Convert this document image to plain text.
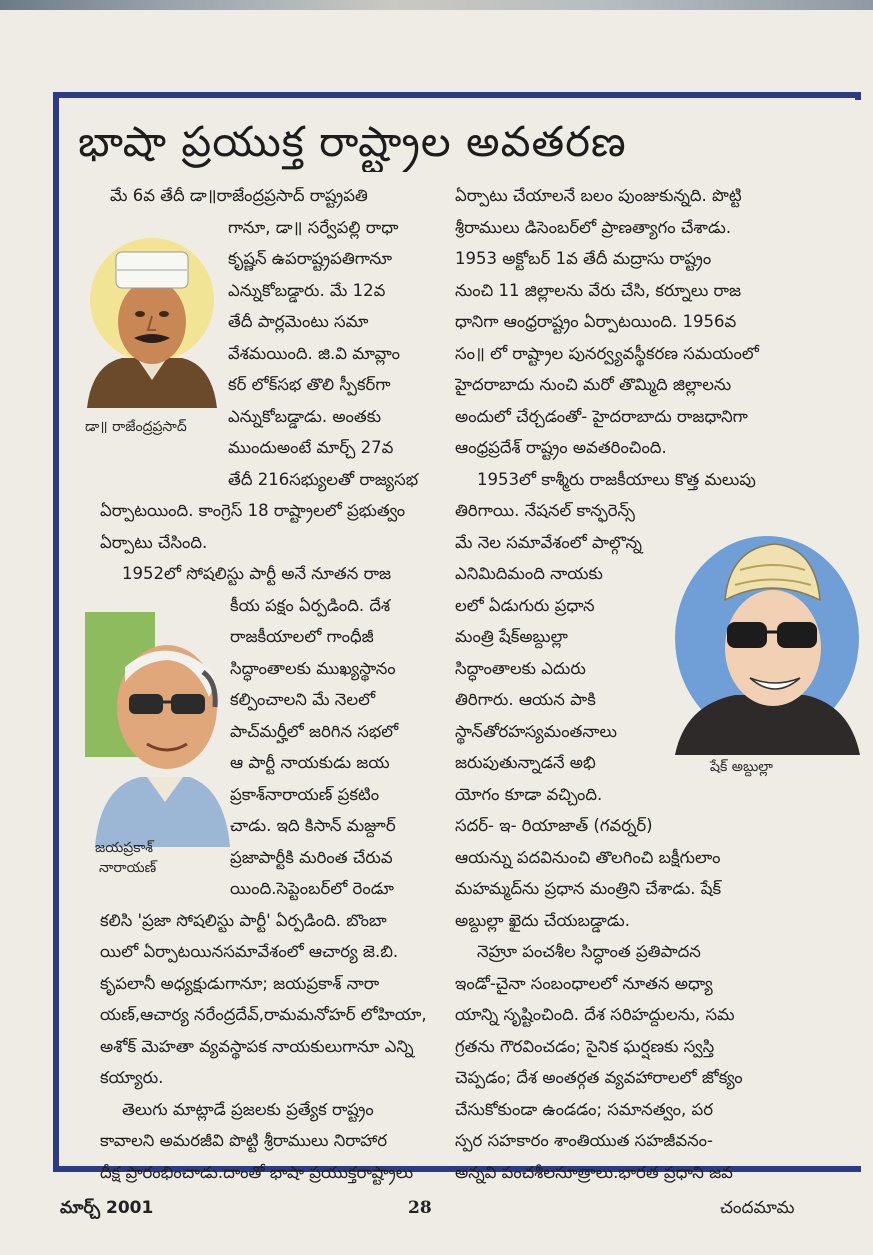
భాషా ప్రయుక్త రాష్ట్రాల అవతరణ
డా॥ రాజేంద్రప్రసాద్
జయప్రకాశ్
నారాయణ్
షేక్ అబ్దుల్లా
మే 6వ తేదీ డా॥రాజేంద్రప్రసాద్ రాష్ట్రపతి
గానూ, డా॥ సర్వేపల్లి రాధా
కృష్ణన్ ఉపరాష్ట్రపతిగానూ
ఎన్నుకోబడ్డారు. మే 12వ
తేదీ పార్లమెంటు సమా
వేశమయింది. జి.వి మావ్లాం
కర్ లోక్‌సభ తొలి స్పీకర్‌గా
ఎన్నుకోబడ్డాడు. అంతకు
ముందుఅంటే మార్చ్ 27వ
తేదీ 216సభ్యులతో రాజ్యసభ
ఏర్పాటయింది. కాంగ్రెస్ 18 రాష్ట్రాలలో ప్రభుత్వం
ఏర్పాటు చేసింది.
1952లో సోషలిస్టు పార్టీ అనే నూతన రాజ
కీయ పక్షం ఏర్పడింది. దేశ
రాజకీయాలలో గాంధీజీ
సిద్ధాంతాలకు ముఖ్యస్థానం
కల్పించాలని మే నెలలో
పాచ్‌మర్హీలో జరిగిన సభలో
ఆ పార్టీ నాయకుడు జయ
ప్రకాశ్‌నారాయణ్ ప్రకటిం
చాడు. ఇది కిసాన్ మజ్దూర్
ప్రజాపార్టీకి మరింత చేరువ
యింది.సెప్టెంబర్‌లో రెండూ
కలిసి 'ప్రజా సోషలిస్టు పార్టీ' ఏర్పడింది. బొంబా
యిలో ఏర్పాటయినసమావేశంలో ఆచార్య జె.బి.
కృపలానీ అధ్యక్షుడుగానూ; జయప్రకాశ్ నారా
యణ్,ఆచార్య నరేంద్రదేవ్,రామమనోహర్ లోహియా,
అశోక్ మెహతా వ్యవస్థాపక నాయకులుగానూ ఎన్ని
కయ్యారు.
తెలుగు మాట్లాడే ప్రజలకు ప్రత్యేక రాష్ట్రం
కావాలని అమరజీవి పొట్టి శ్రీరాములు నిరాహార
దీక్ష ప్రారంభించాడు.దాంతో భాషా ప్రయుక్తరాష్ట్రాలు
ఏర్పాటు చేయాలనే బలం పుంజుకున్నది. పొట్టి
శ్రీరాములు డిసెంబర్‌లో ప్రాణత్యాగం చేశాడు.
1953 అక్టోబర్ 1వ తేదీ మద్రాసు రాష్ట్రం
నుంచి 11 జిల్లాలను వేరు చేసి, కర్నూలు రాజ
ధానిగా ఆంధ్రరాష్ట్రం ఏర్పాటయింది. 1956వ
సం॥ లో రాష్ట్రాల పునర్వ్యవస్థీకరణ సమయంలో
హైదరాబాదు నుంచి మరో తొమ్మిది జిల్లాలను
అందులో చేర్చడంతో- హైదరాబాదు రాజధానిగా
ఆంధ్రప్రదేశ్ రాష్ట్రం అవతరించింది.
1953లో కాశ్మీరు రాజకీయాలు కొత్త మలుపు
తిరిగాయి. నేషనల్ కాన్ఫరెన్స్
మే నెల సమావేశంలో పాల్గొన్న
ఎనిమిదిమంది నాయకు
లలో ఏడుగురు ప్రధాన
మంత్రి షేక్‌అబ్దుల్లా
సిద్ధాంతాలకు ఎదురు
తిరిగారు. ఆయన పాకి
స్థాన్‌తోరహస్యమంతనాలు
జరుపుతున్నాడనే అభి
యోగం కూడా వచ్చింది.
సదర్- ఇ- రియాజాత్ (గవర్నర్)
ఆయన్ను పదవినుంచి తొలగించి బక్షీగులాం
మహమ్మద్‌ను ప్రధాన మంత్రిని చేశాడు. షేక్
అబ్దుల్లా ఖైదు చేయబడ్డాడు.
నెహ్రూ పంచశీల సిద్ధాంత ప్రతిపాదన
ఇండో-చైనా సంబంధాలలో నూతన అధ్యా
యాన్ని సృష్టించింది. దేశ సరిహద్దులను, సమ
గ్రతను గౌరవించడం; సైనిక ఘర్షణకు స్వస్తి
చెప్పడం; దేశ అంతర్గత వ్యవహారాలలో జోక్యం
చేసుకోకుండా ఉండడం; సమానత్వం, పర
స్పర సహకారం శాంతియుత సహజీవనం-
అన్నవి పంచశీలసూత్రాలు.భారత ప్రధాని జవ
మార్చ్ 2001	28	చందమామ
